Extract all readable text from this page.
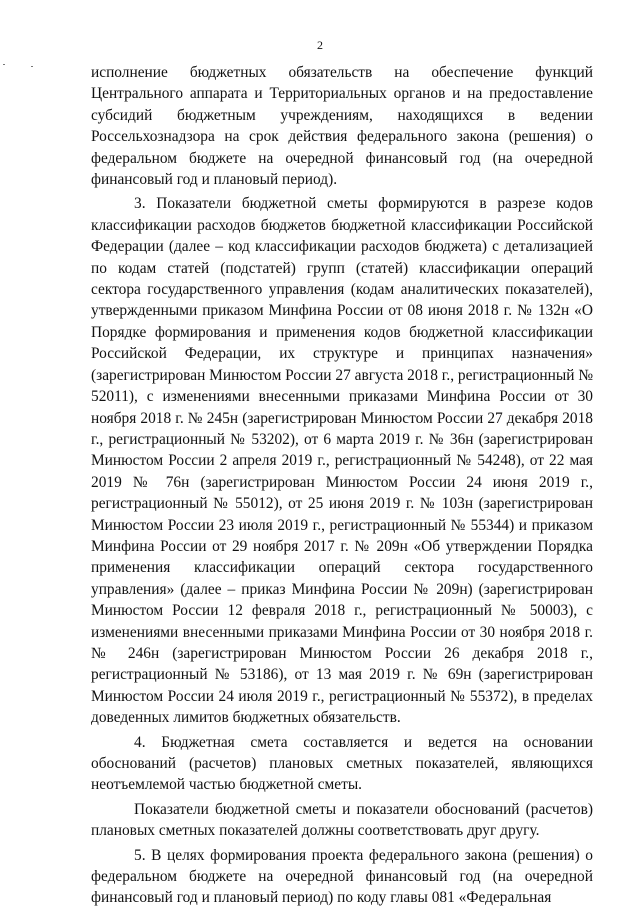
2

исполнение бюджетных обязательств на обеспечение функций Центрального аппарата и Территориальных органов и на предоставление субсидий бюджетным учреждениям, находящихся в ведении Россельхознадзора на срок действия федерального закона (решения) о федеральном бюджете на очередной финансовый год (на очередной финансовый год и плановый период).

3. Показатели бюджетной сметы формируются в разрезе кодов классификации расходов бюджетов бюджетной классификации Российской Федерации (далее – код классификации расходов бюджета) с детализацией по кодам статей (подстатей) групп (статей) классификации операций сектора государственного управления (кодам аналитических показателей), утвержденными приказом Минфина России от 08 июня 2018 г. № 132н «О Порядке формирования и применения кодов бюджетной классификации Российской Федерации, их структуре и принципах назначения» (зарегистрирован Минюстом России 27 августа 2018 г., регистрационный № 52011), с изменениями внесенными приказами Минфина России от 30 ноября 2018 г. № 245н (зарегистрирован Минюстом России 27 декабря 2018 г., регистрационный № 53202), от 6 марта 2019 г. № 36н (зарегистрирован Минюстом России 2 апреля 2019 г., регистрационный № 54248), от 22 мая 2019 № 76н (зарегистрирован Минюстом России 24 июня 2019 г., регистрационный № 55012), от 25 июня 2019 г. № 103н (зарегистрирован Минюстом России 23 июля 2019 г., регистрационный № 55344) и приказом Минфина России от 29 ноября 2017 г. № 209н «Об утверждении Порядка применения классификации операций сектора государственного управления» (далее – приказ Минфина России № 209н) (зарегистрирован Минюстом России 12 февраля 2018 г., регистрационный № 50003), с изменениями внесенными приказами Минфина России от 30 ноября 2018 г. № 246н (зарегистрирован Минюстом России 26 декабря 2018 г., регистрационный № 53186), от 13 мая 2019 г. № 69н (зарегистрирован Минюстом России 24 июля 2019 г., регистрационный № 55372), в пределах доведенных лимитов бюджетных обязательств.

4. Бюджетная смета составляется и ведется на основании обоснований (расчетов) плановых сметных показателей, являющихся неотъемлемой частью бюджетной сметы.

Показатели бюджетной сметы и показатели обоснований (расчетов) плановых сметных показателей должны соответствовать друг другу.

5. В целях формирования проекта федерального закона (решения) о федеральном бюджете на очередной финансовый год (на очередной финансовый год и плановый период) по коду главы 081 «Федеральная
